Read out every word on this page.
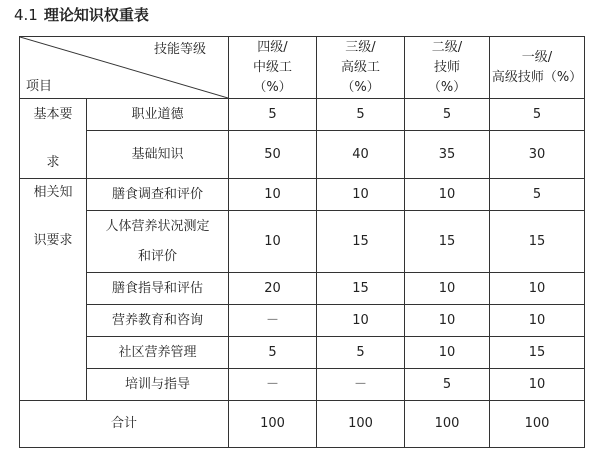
4.1 理论知识权重表
技能等级
项目		四级/
中级工
（%）	三级/
高级工
（%）	二级/
技师
（%）	一级/
高级技师（%）

基本要
求	职业道德	5	5	5	5
	基础知识	50	40	35	30

相关知
识要求	膳食调查和评价	10	10	10	5

	人体营养状况测定
和评价	10	15	15	15
	膳食指导和评估	20	15	10	10
	营养教育和咨询	－	10	10	10
	社区营养管理	5	5	10	15
	培训与指导	－	－	5	10
合计		100	100	100	100
